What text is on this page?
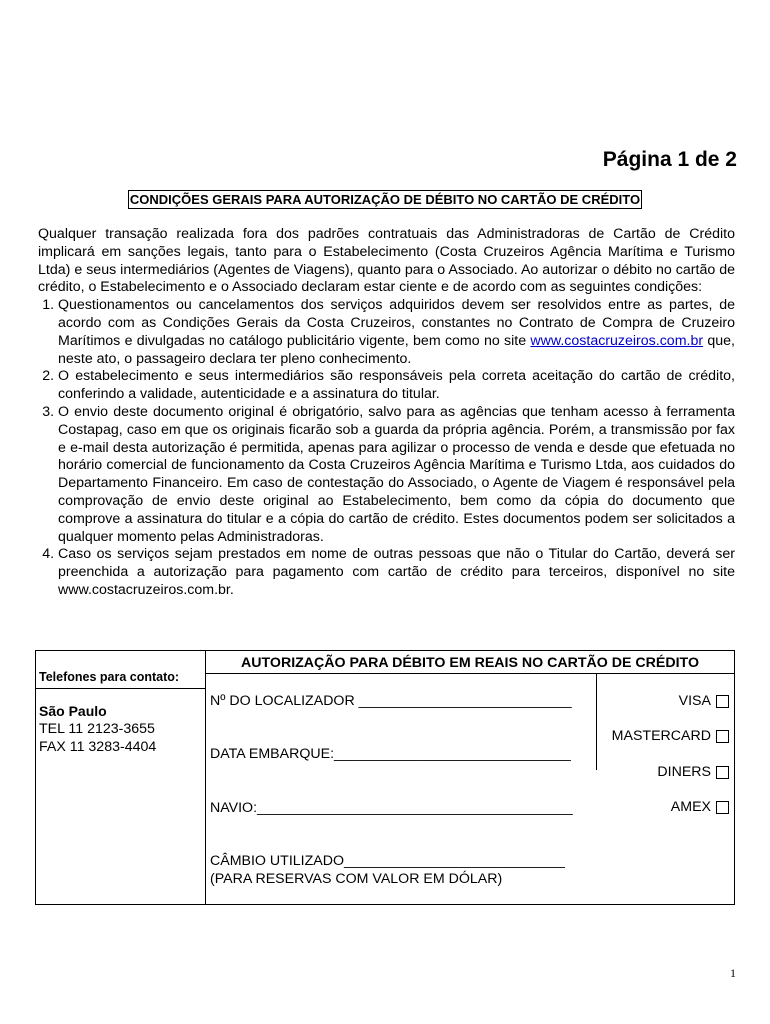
Página 1 de 2
CONDIÇÕES GERAIS PARA AUTORIZAÇÃO DE DÉBITO NO CARTÃO DE CRÉDITO

Qualquer transação realizada fora dos padrões contratuais das Administradoras de Cartão de Crédito implicará em sanções legais, tanto para o Estabelecimento (Costa Cruzeiros Agência Marítima e Turismo Ltda) e seus intermediários (Agentes de Viagens), quanto para o Associado. Ao autorizar o débito no cartão de crédito, o Estabelecimento e o Associado declaram estar ciente e de acordo com as seguintes condições:

1. Questionamentos ou cancelamentos dos serviços adquiridos devem ser resolvidos entre as partes, de acordo com as Condições Gerais da Costa Cruzeiros, constantes no Contrato de Compra de Cruzeiro Marítimos e divulgadas no catálogo publicitário vigente, bem como no site www.costacruzeiros.com.br que, neste ato, o passageiro declara ter pleno conhecimento.
2. O estabelecimento e seus intermediários são responsáveis pela correta aceitação do cartão de crédito, conferindo a validade, autenticidade e a assinatura do titular.
3. O envio deste documento original é obrigatório, salvo para as agências que tenham acesso à ferramenta Costapag, caso em que os originais ficarão sob a guarda da própria agência. Porém, a transmissão por fax e e-mail desta autorização é permitida, apenas para agilizar o processo de venda e desde que efetuada no horário comercial de funcionamento da Costa Cruzeiros Agência Marítima e Turismo Ltda, aos cuidados do Departamento Financeiro. Em caso de contestação do Associado, o Agente de Viagem é responsável pela comprovação de envio deste original ao Estabelecimento, bem como da cópia do documento que comprove a assinatura do titular e a cópia do cartão de crédito. Estes documentos podem ser solicitados a qualquer momento pelas Administradoras.
4. Caso os serviços sejam prestados em nome de outras pessoas que não o Titular do Cartão, deverá ser preenchida a autorização para pagamento com cartão de crédito para terceiros, disponível no site www.costacruzeiros.com.br.
Telefones para contato:
São Paulo
TEL 11 2123-3655
FAX 11 3283-4404
AUTORIZAÇÃO PARA DÉBITO EM REAIS NO CARTÃO DE CRÉDITO
Nº DO LOCALIZADOR ___________________________
DATA EMBARQUE:______________________________
NAVIO:________________________________________
CÂMBIO UTILIZADO____________________________
(PARA RESERVAS COM VALOR EM DÓLAR)
VISA
MASTERCARD
DINERS
AMEX
1
